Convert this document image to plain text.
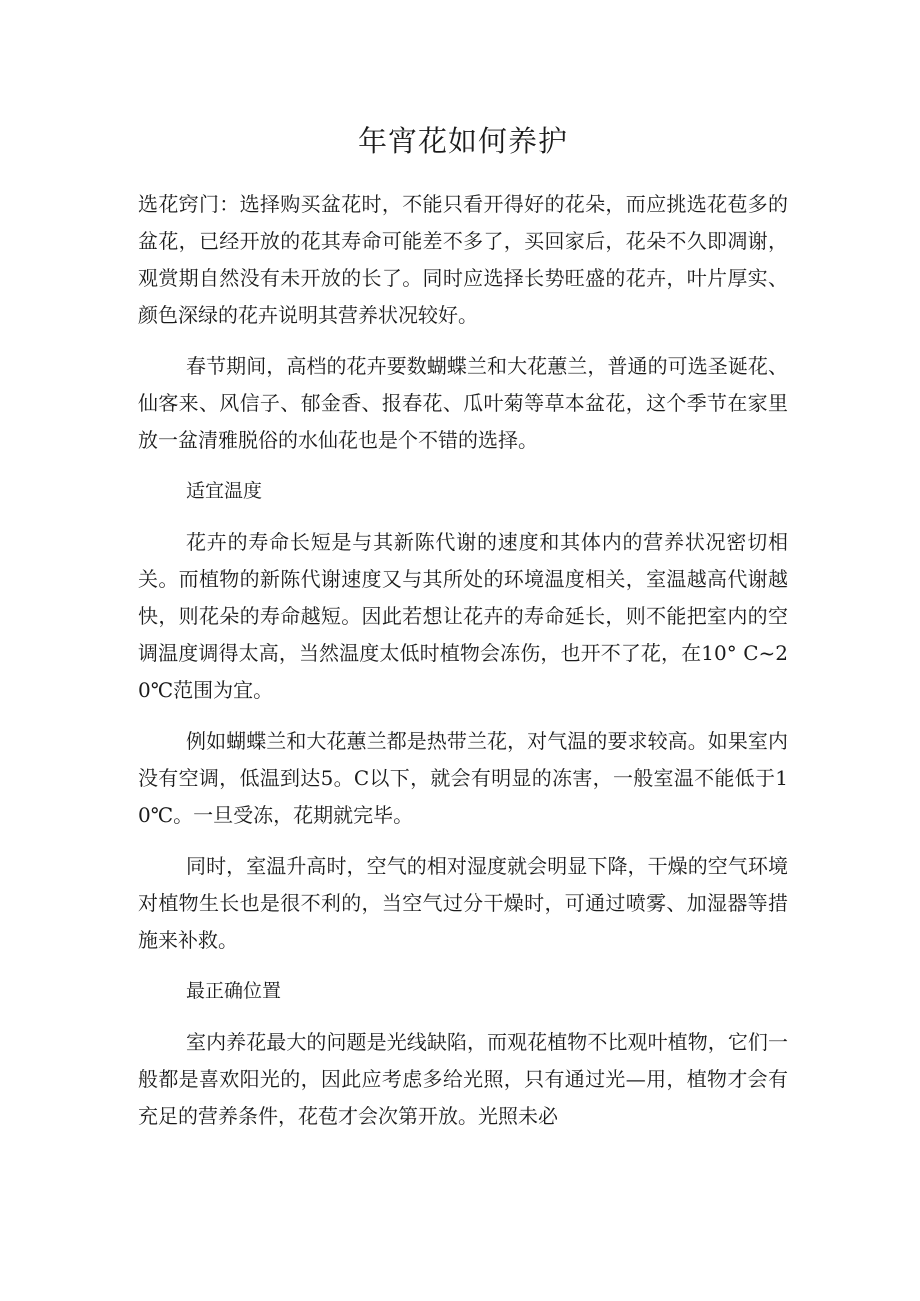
年宵花如何养护

选花窍门：选择购买盆花时，不能只看开得好的花朵，而应挑选花苞多的盆花，已经开放的花其寿命可能差不多了，买回家后，花朵不久即凋谢，观赏期自然没有未开放的长了。同时应选择长势旺盛的花卉，叶片厚实、颜色深绿的花卉说明其营养状况较好。

春节期间，高档的花卉要数蝴蝶兰和大花蕙兰，普通的可选圣诞花、仙客来、风信子、郁金香、报春花、瓜叶菊等草本盆花，这个季节在家里放一盆清雅脱俗的水仙花也是个不错的选择。

适宜温度

花卉的寿命长短是与其新陈代谢的速度和其体内的营养状况密切相关。而植物的新陈代谢速度又与其所处的环境温度相关，室温越高代谢越快，则花朵的寿命越短。因此若想让花卉的寿命延长，则不能把室内的空调温度调得太高，当然温度太低时植物会冻伤，也开不了花，在10° C~20℃范围为宜。

例如蝴蝶兰和大花蕙兰都是热带兰花，对气温的要求较高。如果室内没有空调，低温到达5。C以下，就会有明显的冻害，一般室温不能低于10℃。一旦受冻，花期就完毕。

同时，室温升高时，空气的相对湿度就会明显下降，干燥的空气环境对植物生长也是很不利的，当空气过分干燥时，可通过喷雾、加湿器等措施来补救。

最正确位置

室内养花最大的问题是光线缺陷，而观花植物不比观叶植物，它们一般都是喜欢阳光的，因此应考虑多给光照，只有通过光—用，植物才会有充足的营养条件，花苞才会次第开放。光照未必
